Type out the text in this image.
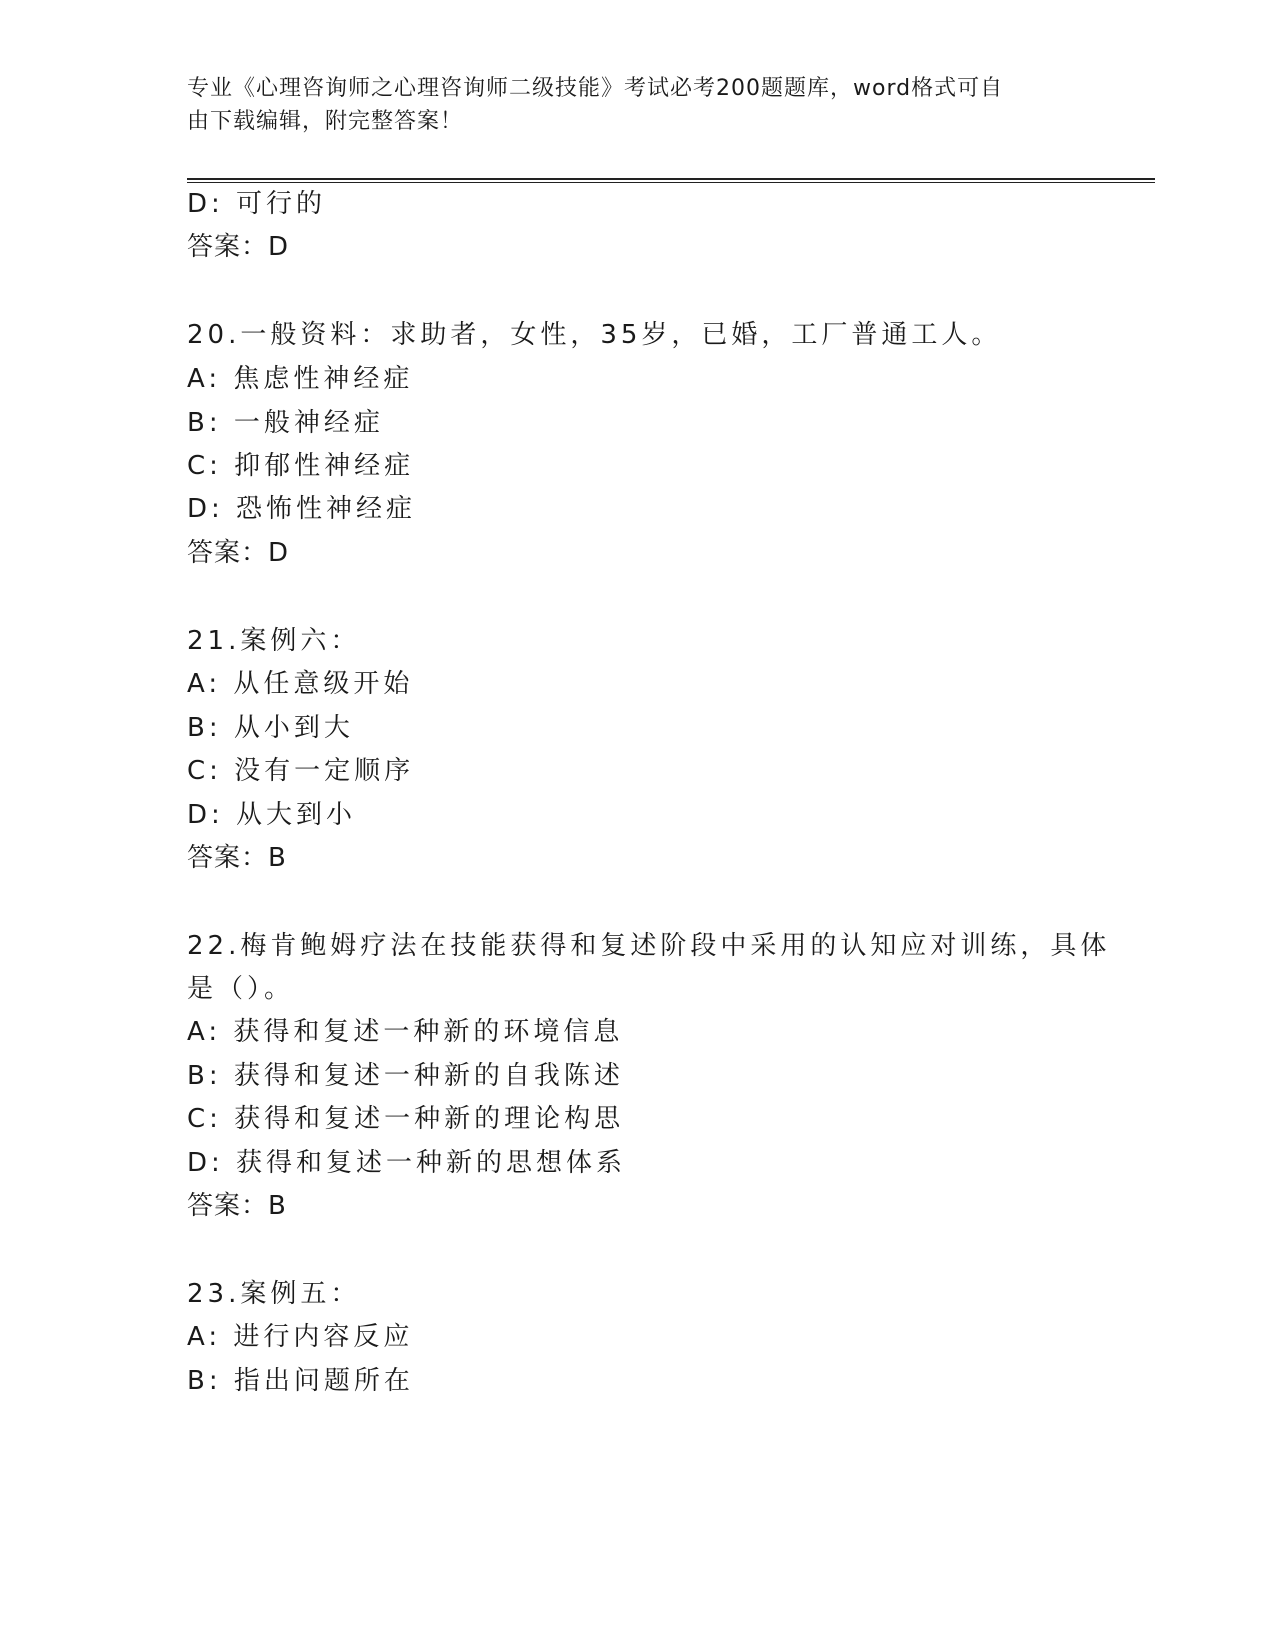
专业《心理咨询师之心理咨询师二级技能》考试必考200题题库，word格式可自
由下载编辑，附完整答案！
D: 可行的
答案：D
20.一般资料：求助者，女性，35岁，已婚，工厂普通工人。
A: 焦虑性神经症
B: 一般神经症
C: 抑郁性神经症
D: 恐怖性神经症
答案：D
21.案例六：
A: 从任意级开始
B: 从小到大
C: 没有一定顺序
D: 从大到小
答案：B
22.梅肯鲍姆疗法在技能获得和复述阶段中采用的认知应对训练，具体
是（）。
A: 获得和复述一种新的环境信息
B: 获得和复述一种新的自我陈述
C: 获得和复述一种新的理论构思
D: 获得和复述一种新的思想体系
答案：B
23.案例五：
A: 进行内容反应
B: 指出问题所在
